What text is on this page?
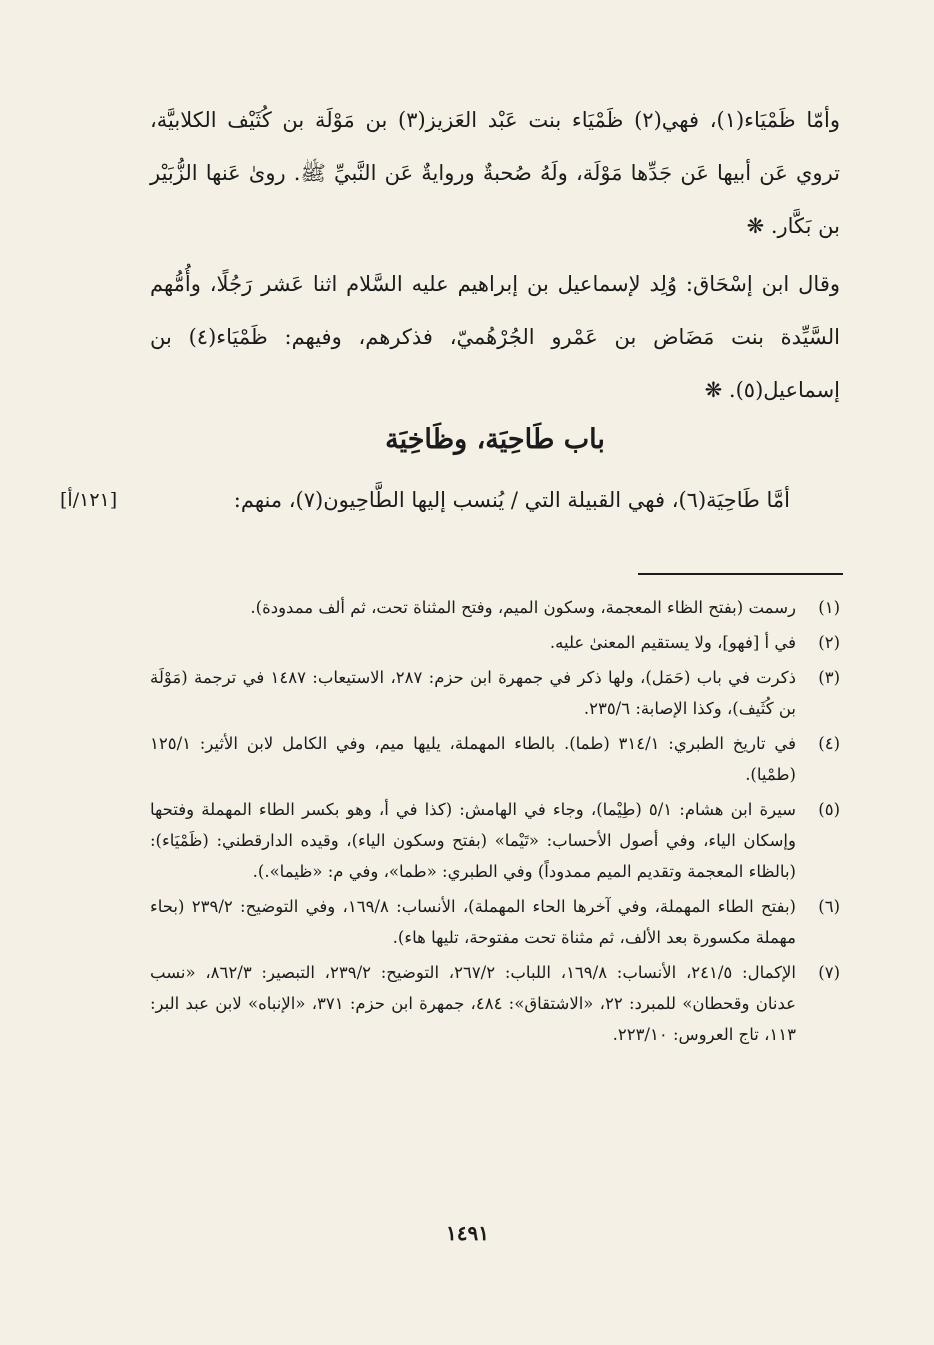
وأمّا ظَمْيَاء(١)، فهي(٢) ظَمْيَاء بنت عَبْد العَزيز(٣) بن مَوْلَة بن كُثَيْف الكلابيَّة، تروي عَن أبيها عَن جَدِّها مَوْلَة، ولَهُ صُحبةٌ وروايةٌ عَن النَّبيِّ ﷺ. روىٰ عَنها الزُّبَيْر بن بَكَّار. ❋
وقال ابن إسْحَاق: وُلِد لإسماعيل بن إبراهيم عليه السَّلام اثنا عَشر رَجُلًا، وأُمُّهم السَّيِّدة بنت مَضَاض بن عَمْرو الجُرْهُميّ، فذكرهم، وفيهم: ظَمْيَاء(٤) بن إسماعيل(٥). ❋
باب طَاحِيَة، وظَاخِيَة
أمَّا طَاحِيَة(٦)، فهي القبيلة التي / يُنسب إليها الطَّاحِيون(٧)، منهم:
[١٢١/أ]
(١)
رسمت (بفتح الظاء المعجمة، وسكون الميم، وفتح المثناة تحت، ثم ألف ممدودة).
(٢)
في أ [فهو]، ولا يستقيم المعنىٰ عليه.
(٣)
ذكرت في باب (حَمَل)، ولها ذكر في جمهرة ابن حزم: ٢٨٧، الاستيعاب: ١٤٨٧ في ترجمة (مَوْلَة بن كُثَيف)، وكذا الإصابة: ٢٣٥/٦.
(٤)
في تاريخ الطبري: ٣١٤/١ (طما). بالطاء المهملة، يليها ميم، وفي الكامل لابن الأثير: ١٢٥/١ (طمْيا).
(٥)
سيرة ابن هشام: ٥/١ (طِيْما)، وجاء في الهامش: (كذا في أ، وهو بكسر الطاء المهملة وفتحها وإسكان الياء، وفي أصول الأحساب: «تَيْما» (بفتح وسكون الياء)، وقيده الدارقطني: (ظَمْيَاء): (بالظاء المعجمة وتقديم الميم ممدوداً) وفي الطبري: «طما»، وفي م: «ظيما».).
(٦)
(بفتح الطاء المهملة، وفي آخرها الحاء المهملة)، الأنساب: ١٦٩/٨، وفي التوضيح: ٢٣٩/٢ (بحاء مهملة مكسورة بعد الألف، ثم مثناة تحت مفتوحة، تليها هاء).
(٧)
الإكمال: ٢٤١/٥، الأنساب: ١٦٩/٨، اللباب: ٢٦٧/٢، التوضيح: ٢٣٩/٢، التبصير: ٨٦٢/٣، «نسب عدنان وقحطان» للمبرد: ٢٢، «الاشتقاق»: ٤٨٤، جمهرة ابن حزم: ٣٧١، «الإنباه» لابن عبد البر: ١١٣، تاج العروس: ٢٢٣/١٠.
١٤٩١
